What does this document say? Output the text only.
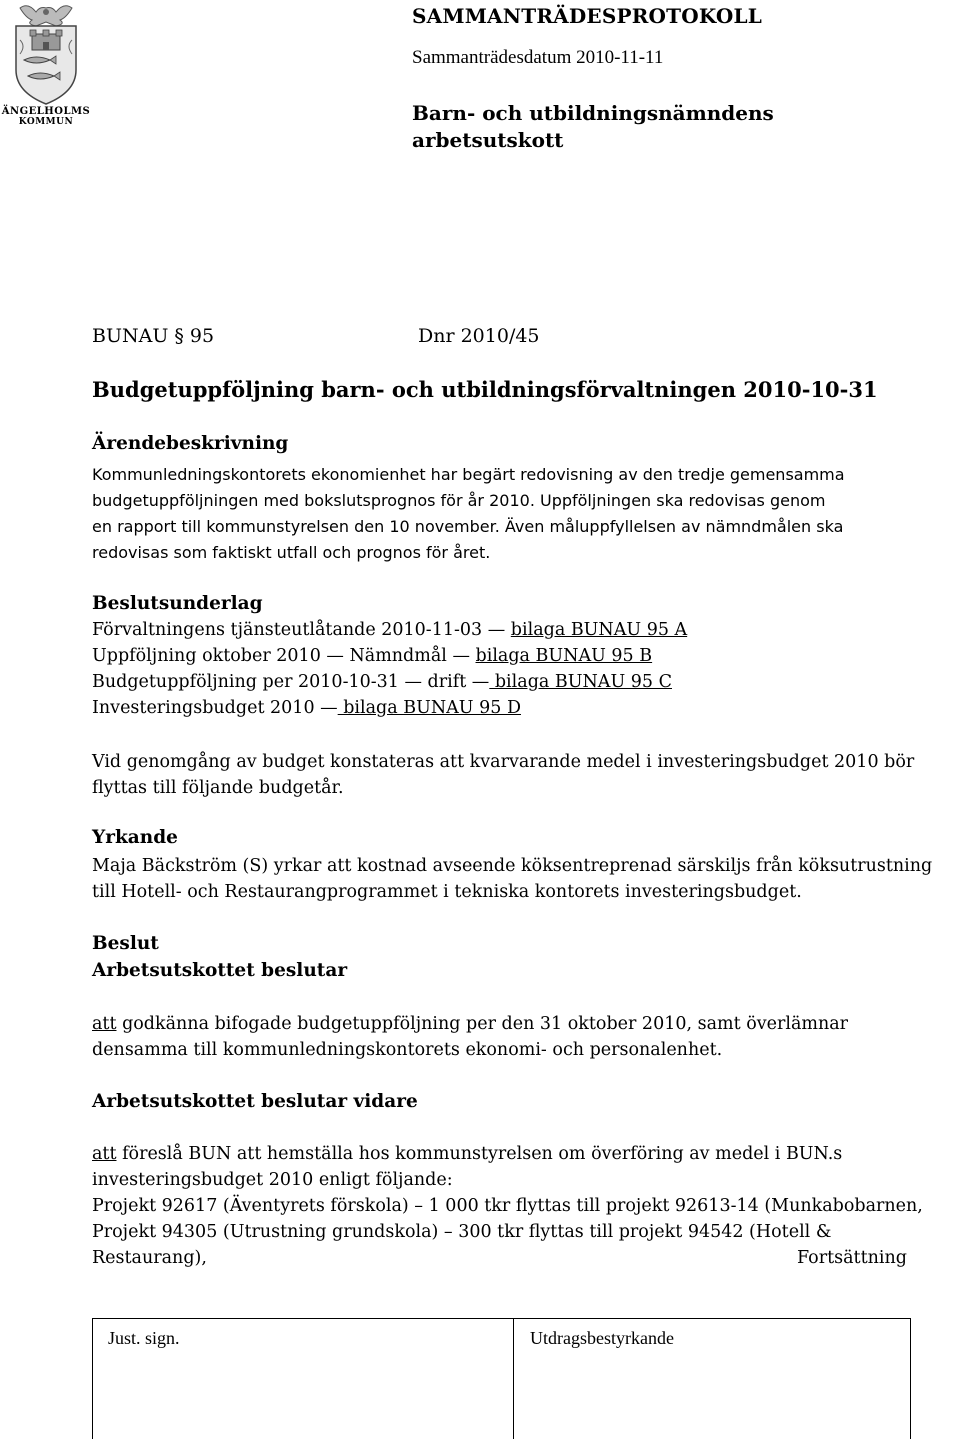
ÄNGELHOLMS
KOMMUN
SAMMANTRÄDESPROTOKOLL
Sammanträdesdatum 2010-11-11
Barn- och utbildningsnämndens
arbetsutskott
BUNAU § 95	Dnr 2010/45
Budgetuppföljning barn- och utbildningsförvaltningen 2010-10-31
Ärendebeskrivning
Kommunledningskontorets ekonomienhet har begärt redovisning av den tredje gemensamma
budgetuppföljningen med bokslutsprognos för år 2010. Uppföljningen ska redovisas genom
en rapport till kommunstyrelsen den 10 november. Även måluppfyllelsen av nämndmålen ska
redovisas som faktiskt utfall och prognos för året.
Beslutsunderlag
Förvaltningens tjänsteutlåtande 2010-11-03 — bilaga BUNAU 95 A
Uppföljning oktober 2010 — Nämndmål — bilaga BUNAU 95 B
Budgetuppföljning per 2010-10-31 — drift — bilaga BUNAU 95 C
Investeringsbudget 2010 — bilaga BUNAU 95 D
Vid genomgång av budget konstateras att kvarvarande medel i investeringsbudget 2010 bör
flyttas till följande budgetår.
Yrkande
Maja Bäckström (S) yrkar att kostnad avseende köksentreprenad särskiljs från köksutrustning
till Hotell- och Restaurangprogrammet i tekniska kontorets investeringsbudget.
Beslut
Arbetsutskottet beslutar
att godkänna bifogade budgetuppföljning per den 31 oktober 2010, samt överlämnar
densamma till kommunledningskontorets ekonomi- och personalenhet.
Arbetsutskottet beslutar vidare
att föreslå BUN att hemställa hos kommunstyrelsen om överföring av medel i BUN.s
investeringsbudget 2010 enligt följande:
Projekt 92617 (Äventyrets förskola) – 1 000 tkr flyttas till projekt 92613-14 (Munkabobarnen,
Projekt 94305 (Utrustning grundskola) – 300 tkr flyttas till projekt 94542 (Hotell &
Restaurang),	Fortsättning
Just. sign.	Utdragsbestyrkande
